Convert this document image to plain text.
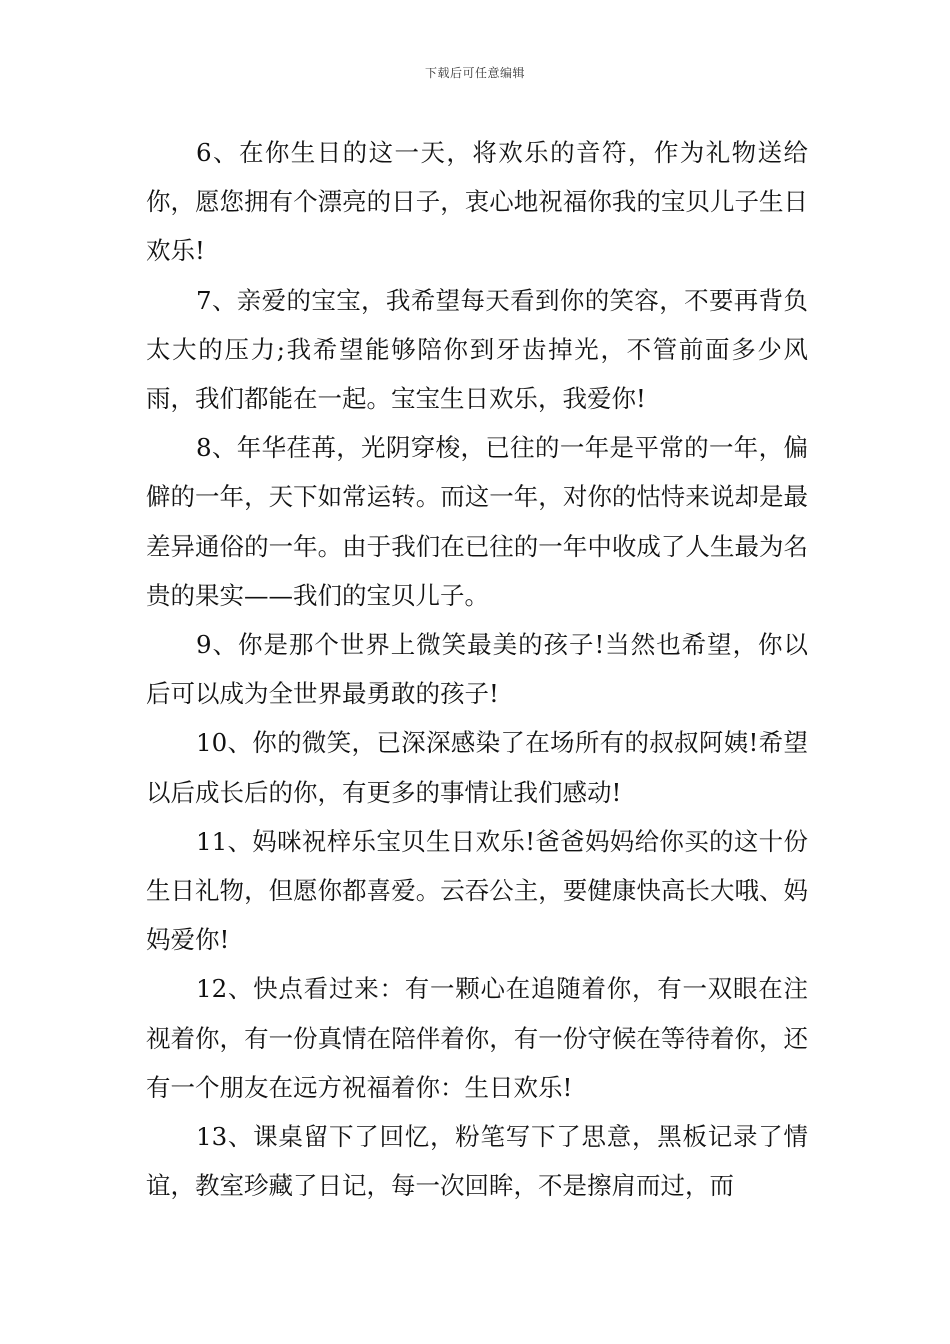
下载后可任意编辑

6、在你生日的这一天，将欢乐的音符，作为礼物送给你，愿您拥有个漂亮的日子，衷心地祝福你我的宝贝儿子生日欢乐!

7、亲爱的宝宝，我希望每天看到你的笑容，不要再背负太大的压力;我希望能够陪你到牙齿掉光，不管前面多少风雨，我们都能在一起。宝宝生日欢乐，我爱你!

8、年华荏苒，光阴穿梭，已往的一年是平常的一年，偏僻的一年，天下如常运转。而这一年，对你的怙恃来说却是最差异通俗的一年。由于我们在已往的一年中收成了人生最为名贵的果实——我们的宝贝儿子。

9、你是那个世界上微笑最美的孩子!当然也希望，你以后可以成为全世界最勇敢的孩子!

10、你的微笑，已深深感染了在场所有的叔叔阿姨!希望以后成长后的你，有更多的事情让我们感动!

11、妈咪祝梓乐宝贝生日欢乐!爸爸妈妈给你买的这十份生日礼物，但愿你都喜爱。云吞公主，要健康快高长大哦、妈妈爱你!

12、快点看过来：有一颗心在追随着你，有一双眼在注视着你，有一份真情在陪伴着你，有一份守候在等待着你，还有一个朋友在远方祝福着你：生日欢乐!

13、课桌留下了回忆，粉笔写下了思意，黑板记录了情谊，教室珍藏了日记，每一次回眸，不是擦肩而过，而
